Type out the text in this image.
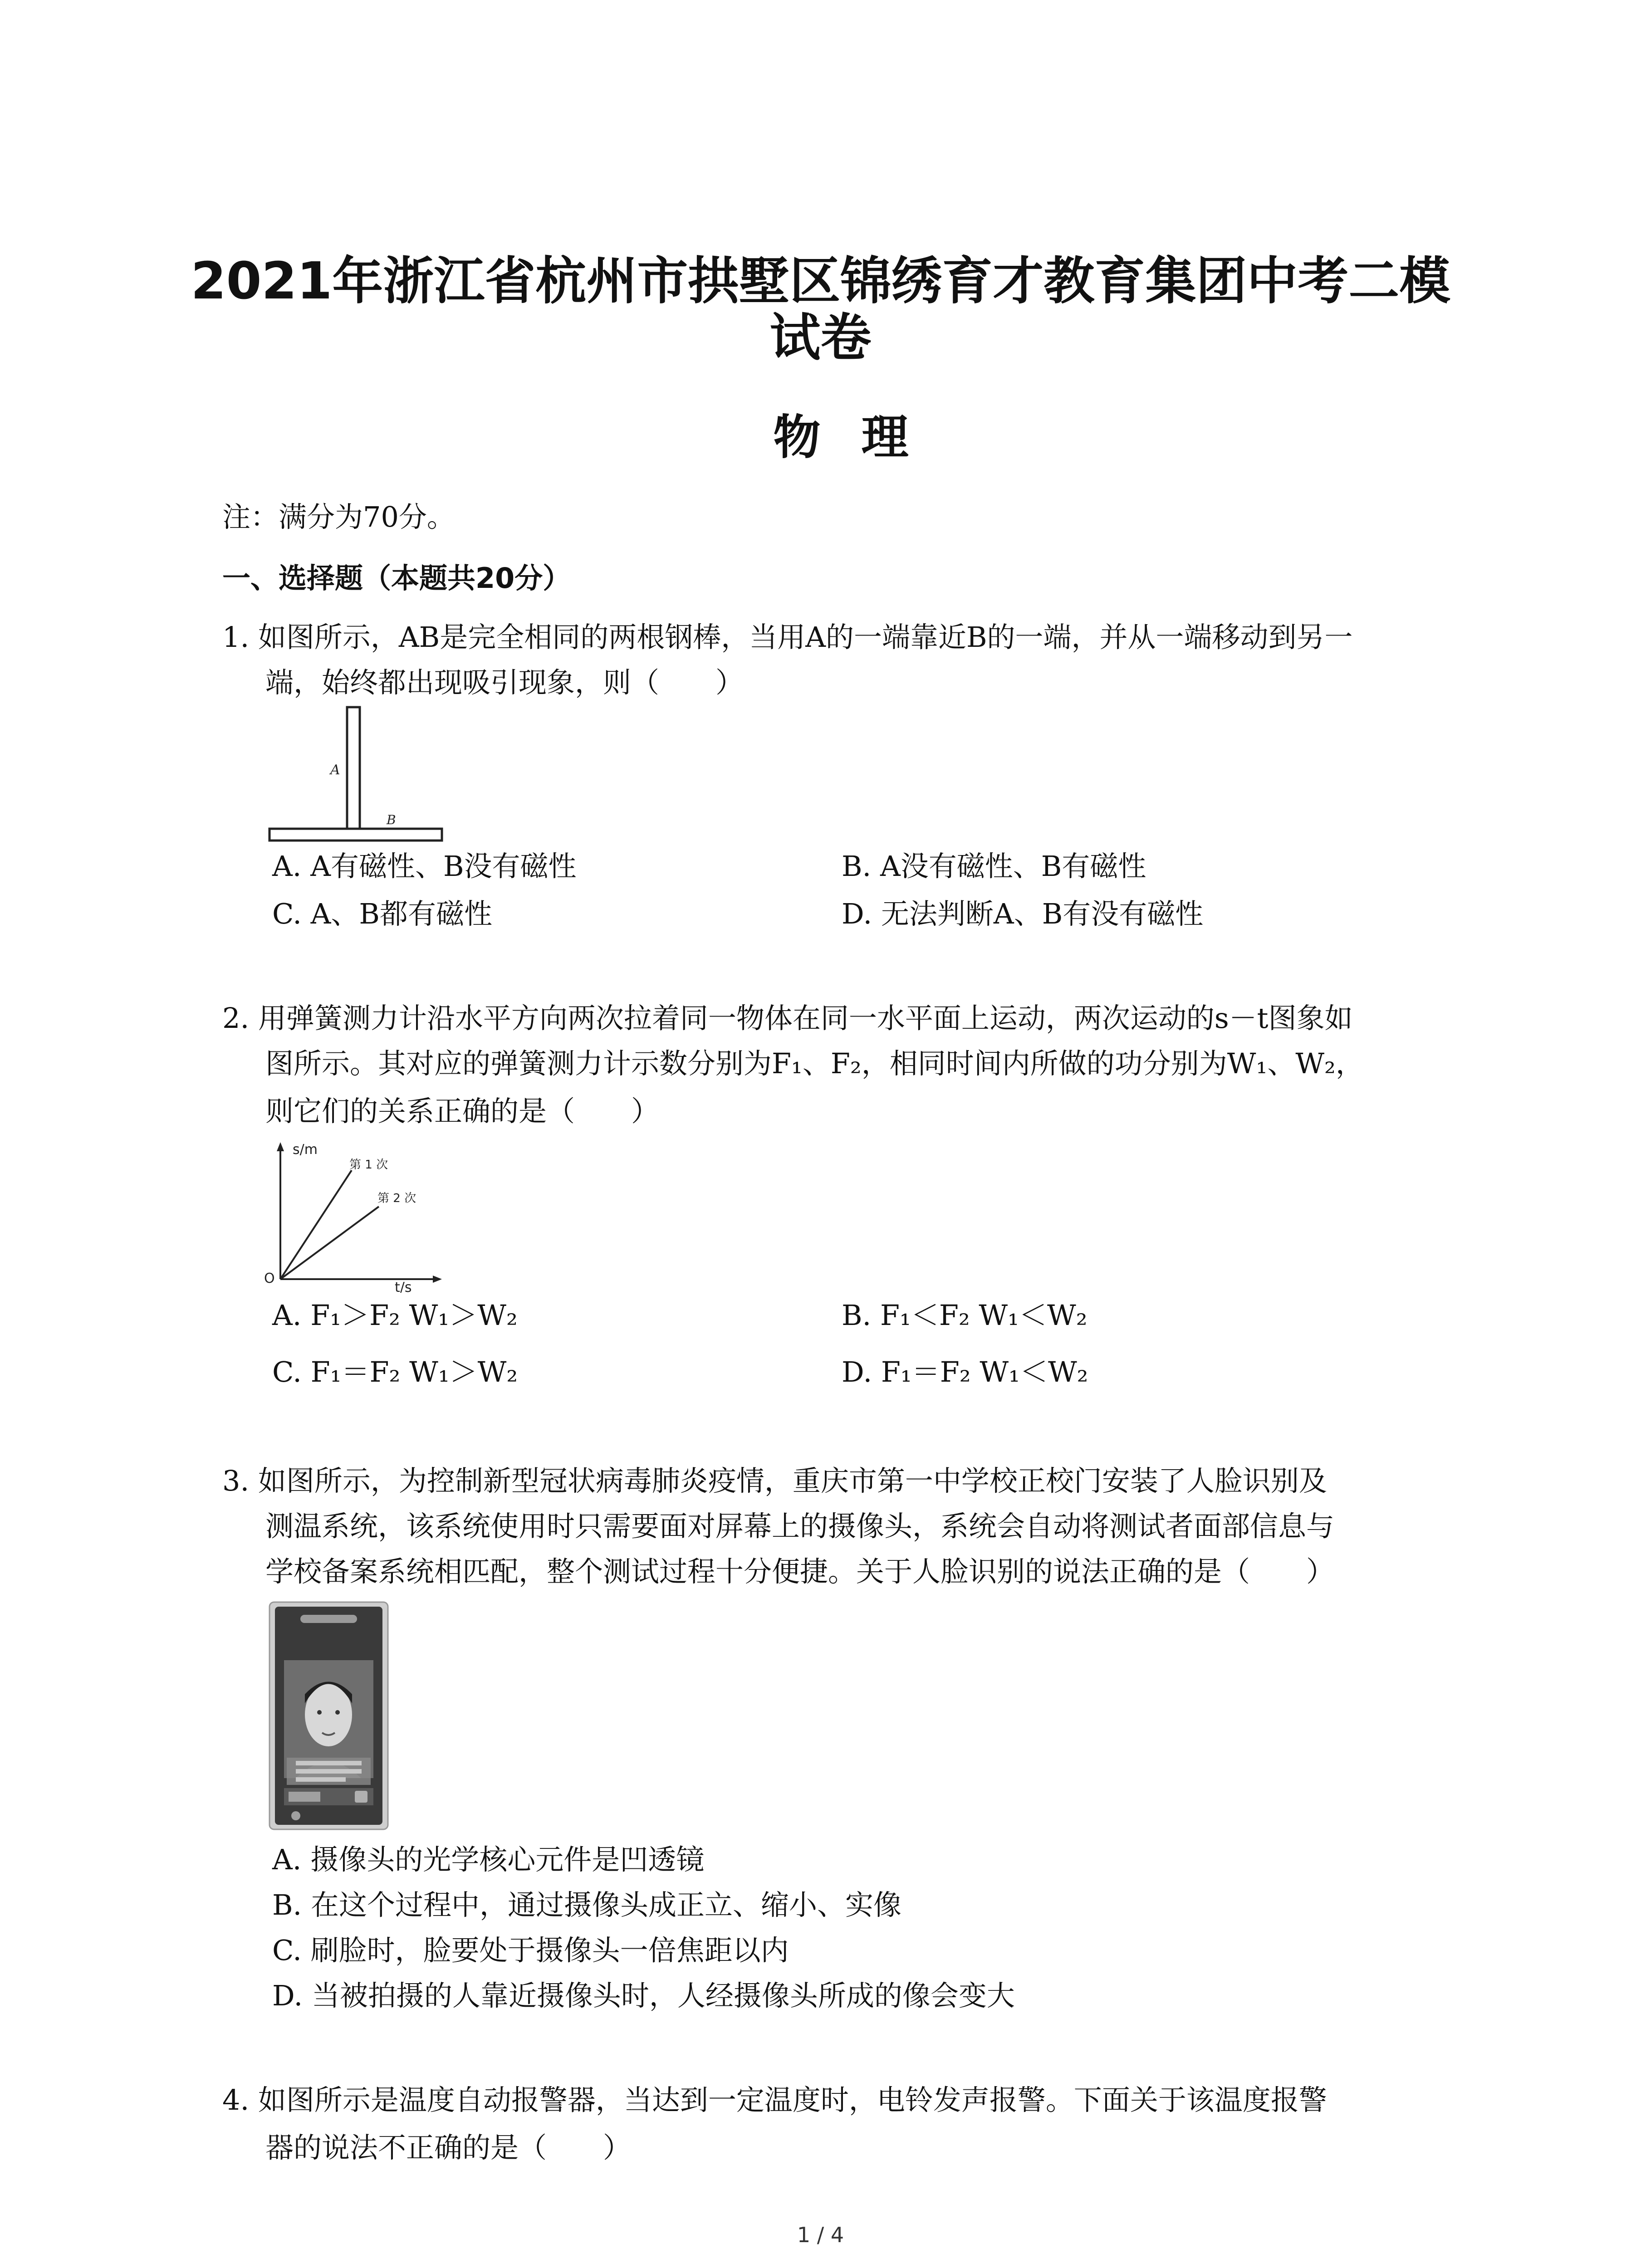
2021年浙江省杭州市拱墅区锦绣育才教育集团中考二模
试卷
物理
注：满分为70分。
一、选择题（本题共20分）
1. 如图所示，AB是完全相同的两根钢棒，当用A的一端靠近B的一端，并从一端移动到另一
端，始终都出现吸引现象，则（　　）
A
B
A. A有磁性、B没有磁性	B. A没有磁性、B有磁性
C. A、B都有磁性	D. 无法判断A、B有没有磁性
2. 用弹簧测力计沿水平方向两次拉着同一物体在同一水平面上运动，两次运动的s－t图象如
图所示。其对应的弹簧测力计示数分别为F₁、F₂，相同时间内所做的功分别为W₁、W₂，
则它们的关系正确的是（　　）
s/m
t/s
O
第 1 次
第 2 次
A. F₁＞F₂ W₁＞W₂	B. F₁＜F₂ W₁＜W₂
C. F₁＝F₂ W₁＞W₂	D. F₁＝F₂ W₁＜W₂
3. 如图所示，为控制新型冠状病毒肺炎疫情，重庆市第一中学校正校门安装了人脸识别及
测温系统，该系统使用时只需要面对屏幕上的摄像头，系统会自动将测试者面部信息与
学校备案系统相匹配，整个测试过程十分便捷。关于人脸识别的说法正确的是（　　）
A. 摄像头的光学核心元件是凹透镜
B. 在这个过程中，通过摄像头成正立、缩小、实像
C. 刷脸时，脸要处于摄像头一倍焦距以内
D. 当被拍摄的人靠近摄像头时，人经摄像头所成的像会变大
4. 如图所示是温度自动报警器，当达到一定温度时，电铃发声报警。下面关于该温度报警
器的说法不正确的是（　　）
1 / 4
